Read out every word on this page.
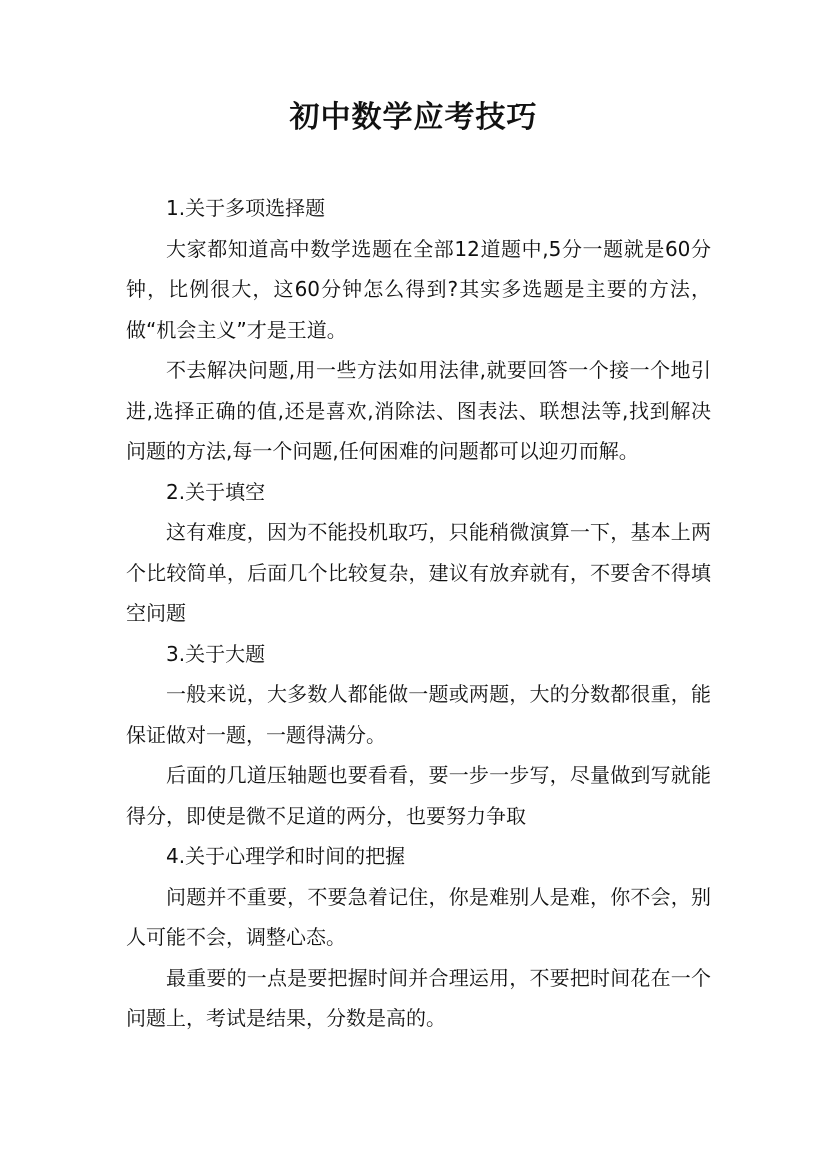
初中数学应考技巧

1.关于多项选择题

大家都知道高中数学选题在全部12道题中,5分一题就是60分钟，比例很大，这60分钟怎么得到?其实多选题是主要的方法，做“机会主义”才是王道。

不去解决问题,用一些方法如用法律,就要回答一个接一个地引进,选择正确的值,还是喜欢,消除法、图表法、联想法等,找到解决问题的方法,每一个问题,任何困难的问题都可以迎刃而解。

2.关于填空

这有难度，因为不能投机取巧，只能稍微演算一下，基本上两个比较简单，后面几个比较复杂，建议有放弃就有，不要舍不得填空问题

3.关于大题

一般来说，大多数人都能做一题或两题，大的分数都很重，能保证做对一题，一题得满分。

后面的几道压轴题也要看看，要一步一步写，尽量做到写就能得分，即使是微不足道的两分，也要努力争取

4.关于心理学和时间的把握

问题并不重要，不要急着记住，你是难别人是难，你不会，别人可能不会，调整心态。

最重要的一点是要把握时间并合理运用，不要把时间花在一个问题上，考试是结果，分数是高的。
